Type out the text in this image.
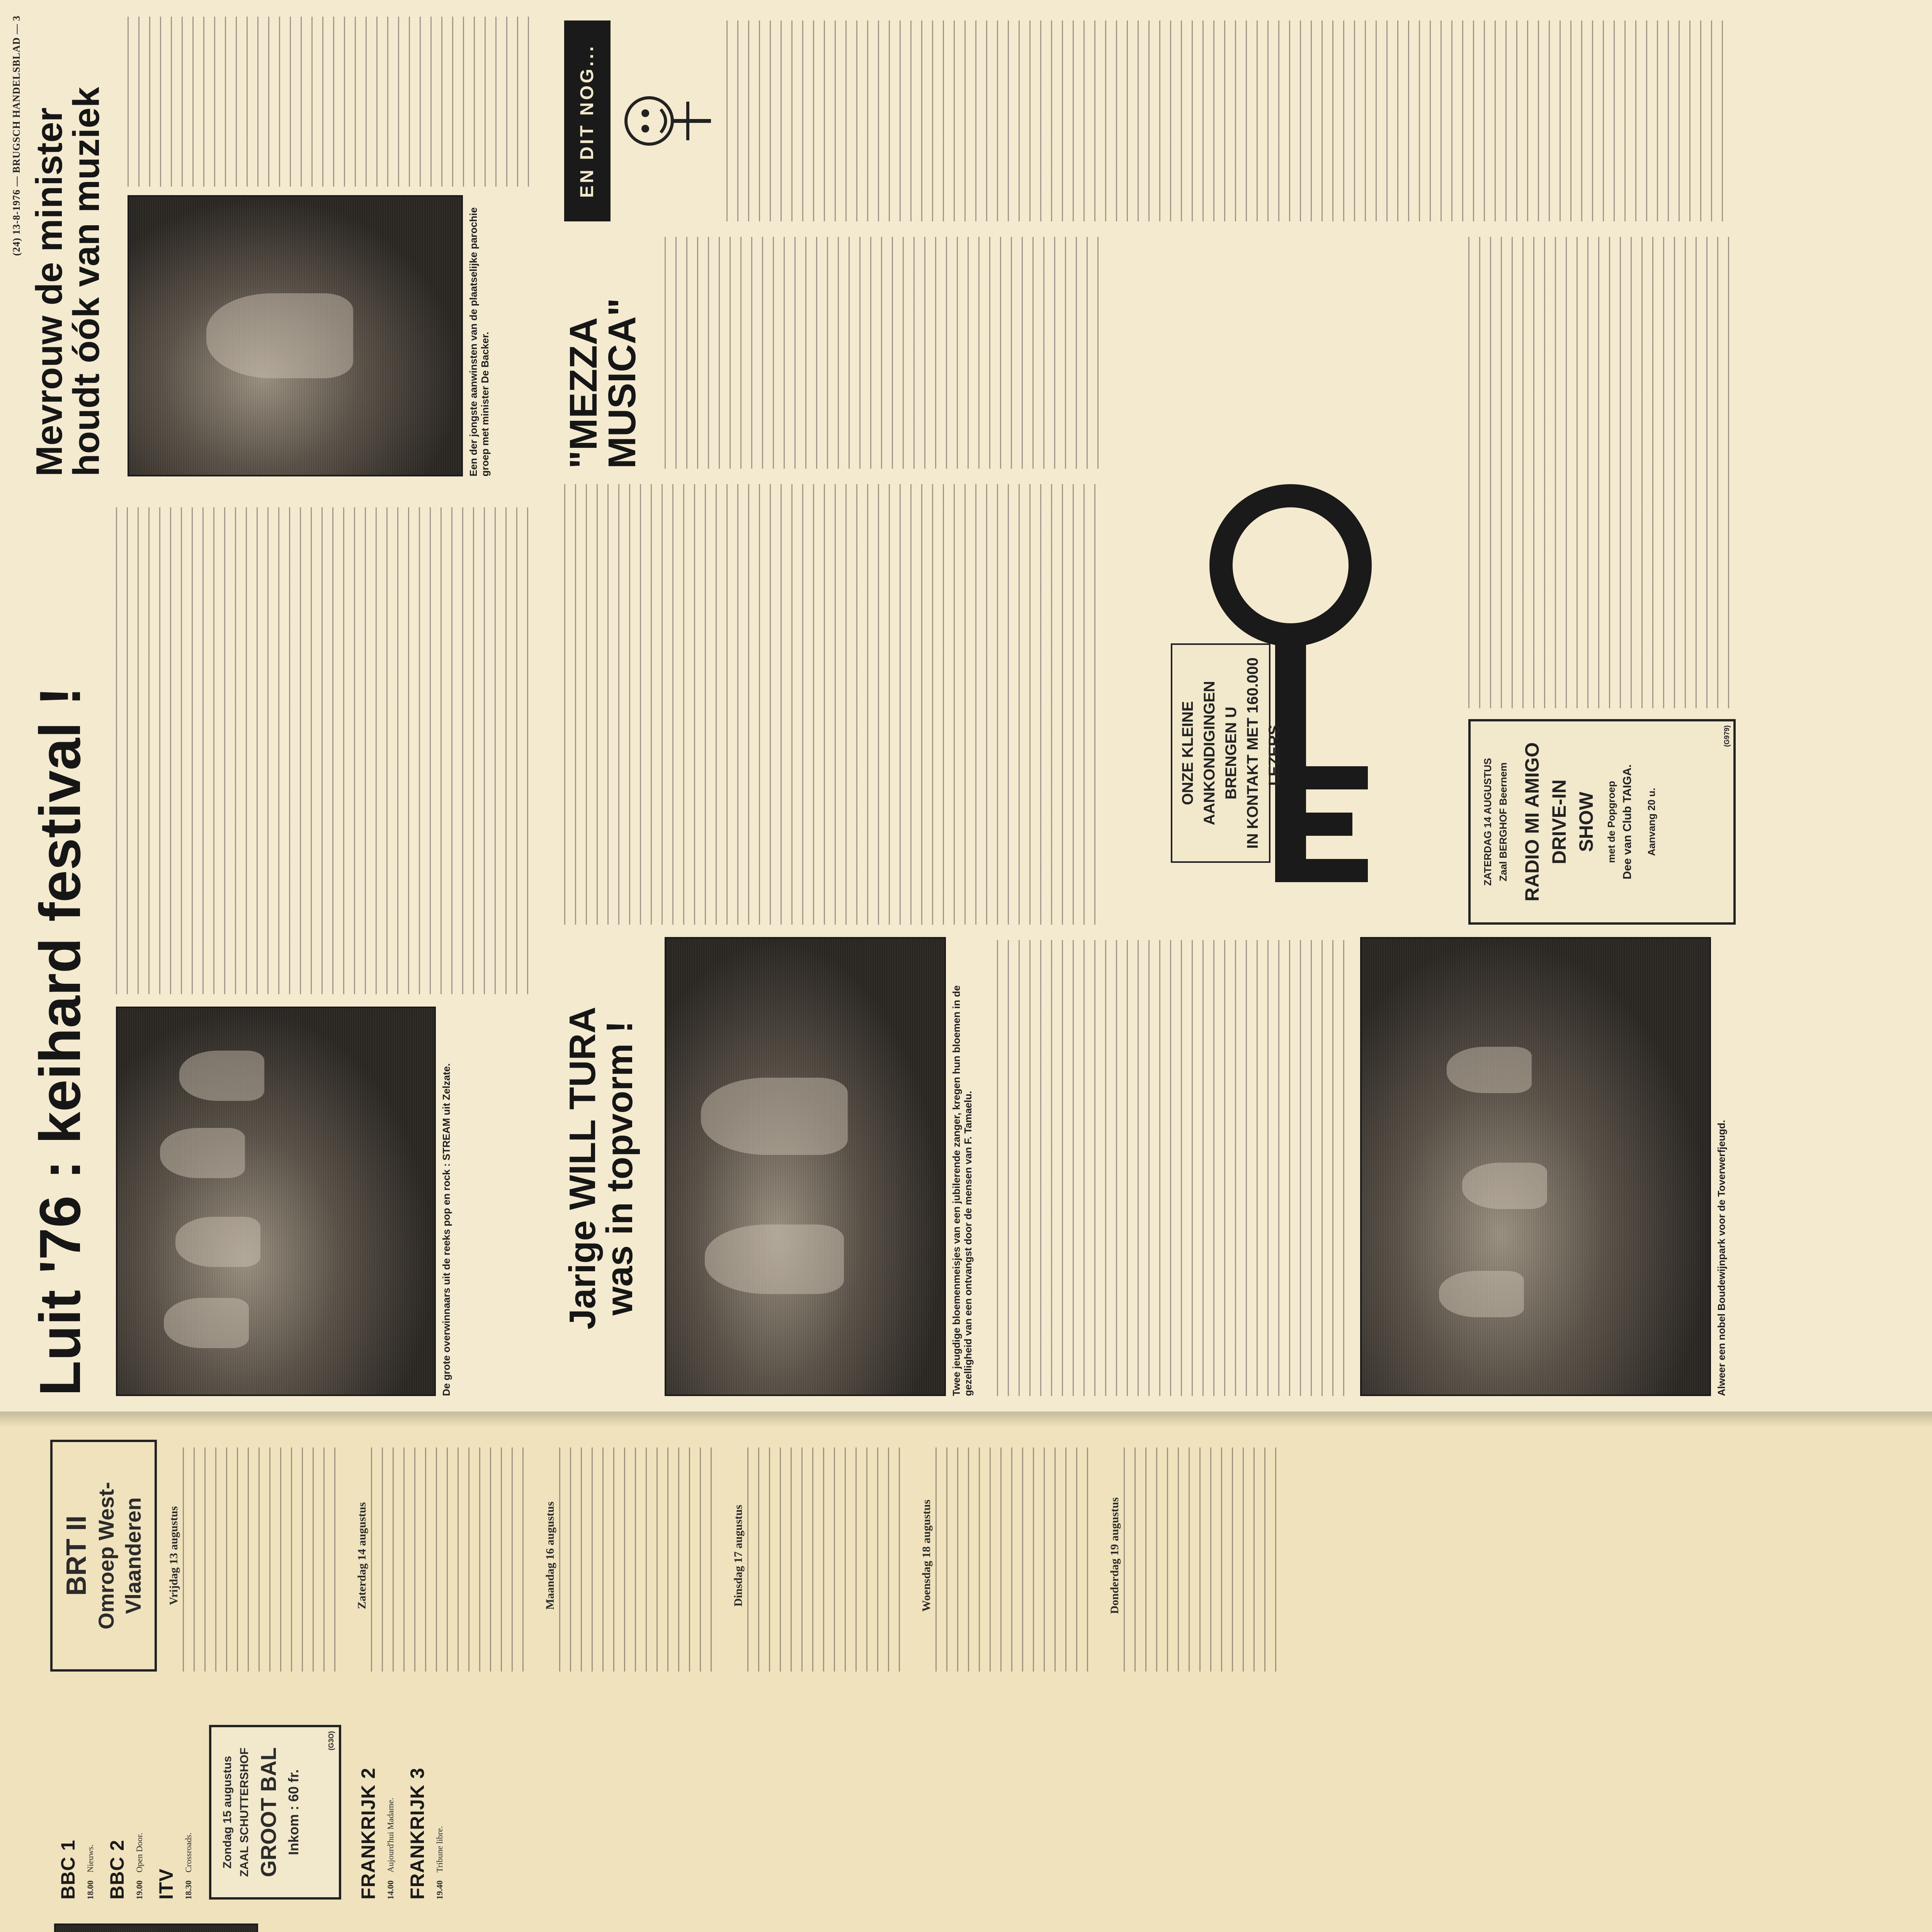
BBC 1 18.00Nieuws. BBC 2 19.00Open Door.
ITV 18.30Crossroads. Zondag 15 augustus ZAAL SCHUTTERSHOF GROOT BAL Inkom : 60 fr.
(G3O)
FRANKRIJK 2 14.00Aujourd'hui Madame. FRANKRIJK 3 19.40Tribune libre.
BRT II Omroep West-Vlaanderen Vrijdag 13 augustus	Zaterdag 14 augustus	Maandag 16 augustus	Dinsdag 17 augustus	Woensdag 18 augustus	Donderdag 19 augustus
(24) 13-8-1976 — BRUGSCH HANDELSBLAD — 3
Luit '76 : keihard festival !	De grote overwinnaars uit de reeks pop en rock : STREAM uit Zelzate.
Mevrouw de minister
houdt óók van muziek	Een der jongste aanwinsten van de plaatselijke parochie groep met minister De Backer.
Jarige WILL TURA
was in topvorm !	Twee jeugdige bloemenmeisjes van een jubilerende zanger, kregen hun bloemen in de gezelligheid van een ontvangst door de mensen van F. Tamaelu.	Alweer een nobel Boudewijnpark voor de Toverwerfjeugd.
"MEZZA MUSICA"
EN DIT NOG...
ONZE KLEINE AANKONDIGINGEN BRENGEN U IN KONTAKT MET 160.000 LEZERS.
ZATERDAG 14 AUGUSTUS Zaal BERGHOF Beernem RADIO MI AMIGO DRIVE-IN SHOW met de Popgroep Dee van Club TAIGA. Aanvang 20 u.
(G979)
